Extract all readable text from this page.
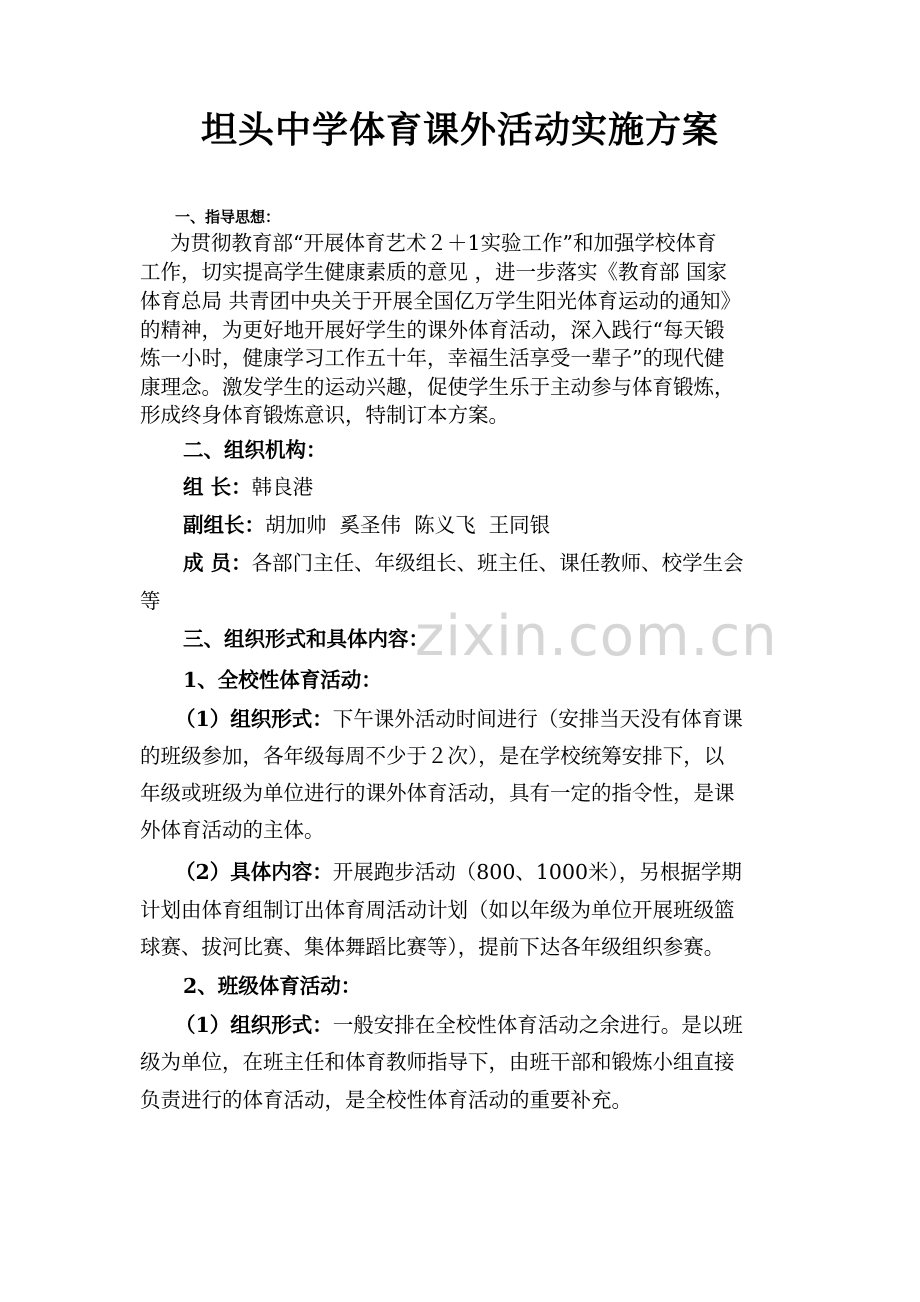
坦头中学体育课外活动实施方案
一、指导思想：
为贯彻教育部“开展体育艺术２＋1实验工作”和加强学校体育
工作，切实提高学生健康素质的意见 ，进一步落实《教育部 国家
体育总局 共青团中央关于开展全国亿万学生阳光体育运动的通知》
的精神，为更好地开展好学生的课外体育活动，深入践行“每天锻
炼一小时，健康学习工作五十年，幸福生活享受一辈子”的现代健
康理念。激发学生的运动兴趣，促使学生乐于主动参与体育锻炼，
形成终身体育锻炼意识，特制订本方案。
二、组织机构：
组 长：韩良港
副组长：胡加帅  奚圣伟  陈义飞  王同银
成 员：各部门主任、年级组长、班主任、课任教师、校学生会
等
三、组织形式和具体内容：
1、全校性体育活动：
（1）组织形式：下午课外活动时间进行（安排当天没有体育课
的班级参加，各年级每周不少于２次），是在学校统筹安排下，以
年级或班级为单位进行的课外体育活动，具有一定的指令性，是课
外体育活动的主体。
（2）具体内容：开展跑步活动（800、1000米），另根据学期
计划由体育组制订出体育周活动计划（如以年级为单位开展班级篮
球赛、拔河比赛、集体舞蹈比赛等），提前下达各年级组织参赛。
2、班级体育活动：
（1）组织形式：一般安排在全校性体育活动之余进行。是以班
级为单位，在班主任和体育教师指导下，由班干部和锻炼小组直接
负责进行的体育活动，是全校性体育活动的重要补充。
zixin.com.cn
